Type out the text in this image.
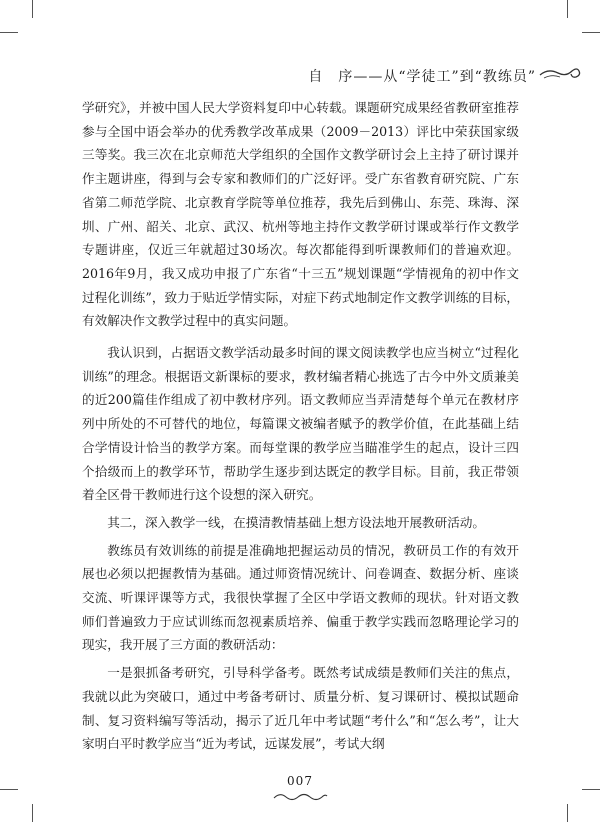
自　序——从“学徒工”到“教练员”

学研究》，并被中国人民大学资料复印中心转载。课题研究成果经省教研室推荐参与全国中语会举办的优秀教学改革成果（2009－2013）评比中荣获国家级三等奖。我三次在北京师范大学组织的全国作文教学研讨会上主持了研讨课并作主题讲座，得到与会专家和教师们的广泛好评。受广东省教育研究院、广东省第二师范学院、北京教育学院等单位推荐，我先后到佛山、东莞、珠海、深圳、广州、韶关、北京、武汉、杭州等地主持作文教学研讨课或举行作文教学专题讲座，仅近三年就超过30场次。每次都能得到听课教师们的普遍欢迎。2016年9月，我又成功申报了广东省“十三五”规划课题“学情视角的初中作文过程化训练”，致力于贴近学情实际，对症下药式地制定作文教学训练的目标，有效解决作文教学过程中的真实问题。

我认识到，占据语文教学活动最多时间的课文阅读教学也应当树立“过程化训练”的理念。根据语文新课标的要求，教材编者精心挑选了古今中外文质兼美的近200篇佳作组成了初中教材序列。语文教师应当弄清楚每个单元在教材序列中所处的不可替代的地位，每篇课文被编者赋予的教学价值，在此基础上结合学情设计恰当的教学方案。而每堂课的教学应当瞄准学生的起点，设计三四个拾级而上的教学环节，帮助学生逐步到达既定的教学目标。目前，我正带领着全区骨干教师进行这个设想的深入研究。

其二，深入教学一线，在摸清教情基础上想方设法地开展教研活动。

教练员有效训练的前提是准确地把握运动员的情况，教研员工作的有效开展也必须以把握教情为基础。通过师资情况统计、问卷调查、数据分析、座谈交流、听课评课等方式，我很快掌握了全区中学语文教师的现状。针对语文教师们普遍致力于应试训练而忽视素质培养、偏重于教学实践而忽略理论学习的现实，我开展了三方面的教研活动：

一是狠抓备考研究，引导科学备考。既然考试成绩是教师们关注的焦点，我就以此为突破口，通过中考备考研讨、质量分析、复习课研讨、模拟试题命制、复习资料编写等活动，揭示了近几年中考试题“考什么”和“怎么考”，让大家明白平时教学应当“近为考试，远谋发展”，考试大纲

007
